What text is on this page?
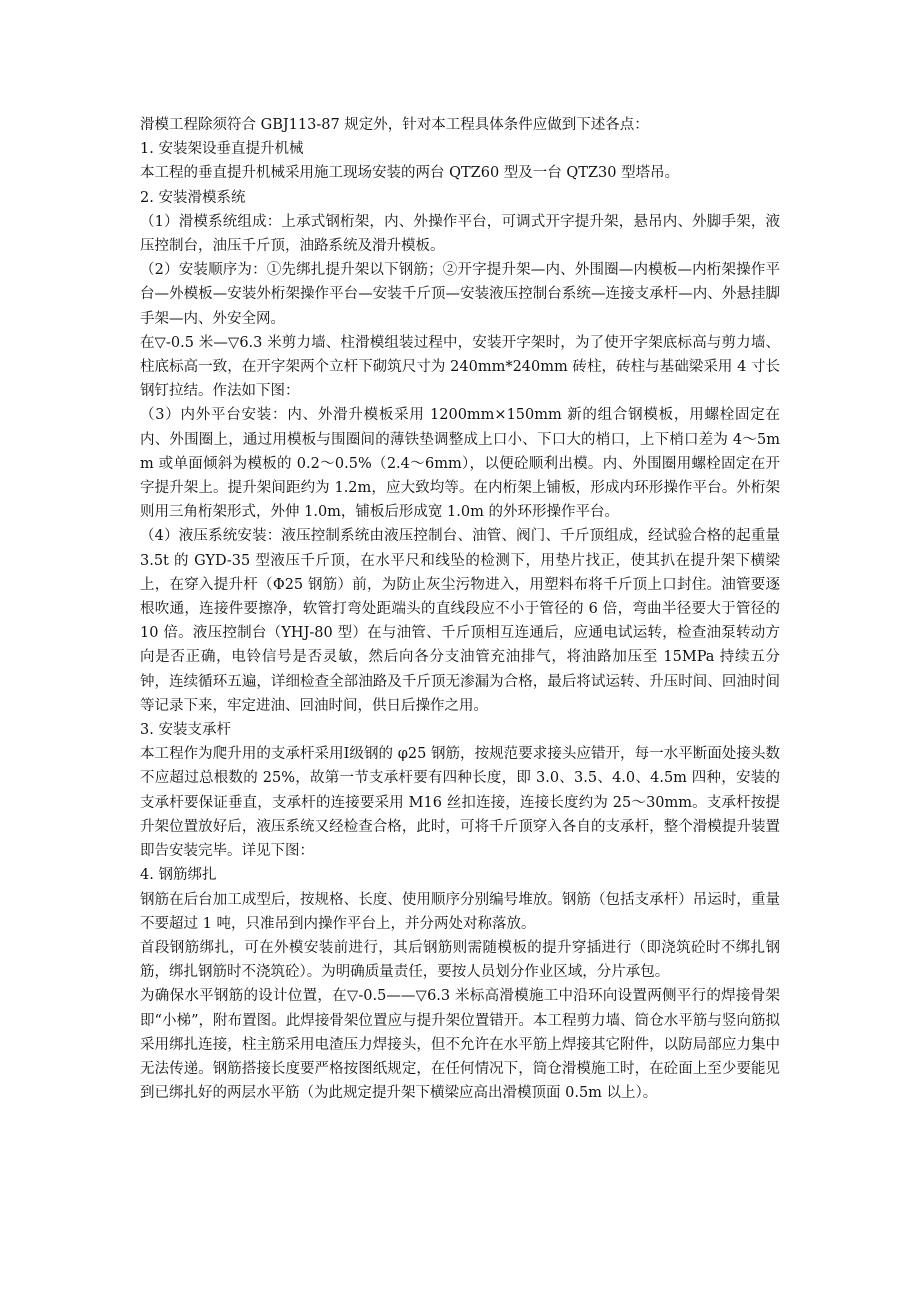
滑模工程除须符合 GBJ113-87 规定外，针对本工程具体条件应做到下述各点：

1. 安装架设垂直提升机械

本工程的垂直提升机械采用施工现场安装的两台 QTZ60 型及一台 QTZ30 型塔吊。

2. 安装滑模系统

（1）滑模系统组成：上承式钢桁架，内、外操作平台，可调式开字提升架，悬吊内、外脚手架，液压控制台，油压千斤顶，油路系统及滑升模板。

（2）安装顺序为：①先绑扎提升架以下钢筋；②开字提升架—内、外围圈—内模板—内桁架操作平台—外模板—安装外桁架操作平台—安装千斤顶—安装液压控制台系统—连接支承杆—内、外悬挂脚手架—内、外安全网。

在▽-0.5 米—▽6.3 米剪力墙、柱滑模组装过程中，安装开字架时，为了使开字架底标高与剪力墙、柱底标高一致，在开字架两个立杆下砌筑尺寸为 240mm*240mm 砖柱，砖柱与基础梁采用 4 寸长钢钉拉结。作法如下图：

（3）内外平台安装：内、外滑升模板采用 1200mm×150mm 新的组合钢模板，用螺栓固定在内、外围圈上，通过用模板与围圈间的薄铁垫调整成上口小、下口大的梢口，上下梢口差为 4～5mm 或单面倾斜为模板的 0.2～0.5%（2.4～6mm），以便砼顺利出模。内、外围圈用螺栓固定在开字提升架上。提升架间距约为 1.2m，应大致均等。在内桁架上铺板，形成内环形操作平台。外桁架则用三角桁架形式，外伸 1.0m，铺板后形成宽 1.0m 的外环形操作平台。

（4）液压系统安装：液压控制系统由液压控制台、油管、阀门、千斤顶组成，经试验合格的起重量 3.5t 的 GYD-35 型液压千斤顶，在水平尺和线坠的检测下，用垫片找正，使其扒在提升架下横梁上，在穿入提升杆（Φ25 钢筋）前，为防止灰尘污物进入，用塑料布将千斤顶上口封住。油管要逐根吹通，连接件要擦净，软管打弯处距端头的直线段应不小于管径的 6 倍，弯曲半径要大于管径的 10 倍。液压控制台（YHJ-80 型）在与油管、千斤顶相互连通后，应通电试运转，检查油泵转动方向是否正确，电铃信号是否灵敏，然后向各分支油管充油排气，将油路加压至 15MPa 持续五分钟，连续循环五遍，详细检查全部油路及千斤顶无渗漏为合格，最后将试运转、升压时间、回油时间等记录下来，牢定进油、回油时间，供日后操作之用。

3. 安装支承杆

本工程作为爬升用的支承杆采用Ⅰ级钢的 φ25 钢筋，按规范要求接头应错开，每一水平断面处接头数不应超过总根数的 25%，故第一节支承杆要有四种长度，即 3.0、3.5、4.0、4.5m 四种，安装的支承杆要保证垂直，支承杆的连接要采用 M16 丝扣连接，连接长度约为 25～30mm。支承杆按提升架位置放好后，液压系统又经检查合格，此时，可将千斤顶穿入各自的支承杆，整个滑模提升装置即告安装完毕。详见下图：

4. 钢筋绑扎

钢筋在后台加工成型后，按规格、长度、使用顺序分别编号堆放。钢筋（包括支承杆）吊运时，重量不要超过 1 吨，只准吊到内操作平台上，并分两处对称落放。

首段钢筋绑扎，可在外模安装前进行，其后钢筋则需随模板的提升穿插进行（即浇筑砼时不绑扎钢筋，绑扎钢筋时不浇筑砼）。为明确质量责任，要按人员划分作业区域，分片承包。

为确保水平钢筋的设计位置，在▽-0.5——▽6.3 米标高滑模施工中沿环向设置两侧平行的焊接骨架即“小梯”，附布置图。此焊接骨架位置应与提升架位置错开。本工程剪力墙、筒仓水平筋与竖向筋拟采用绑扎连接，柱主筋采用电渣压力焊接头，但不允许在水平筋上焊接其它附件，以防局部应力集中无法传递。钢筋搭接长度要严格按图纸规定，在任何情况下，筒仓滑模施工时，在砼面上至少要能见到已绑扎好的两层水平筋（为此规定提升架下横梁应高出滑模顶面 0.5m 以上）。
